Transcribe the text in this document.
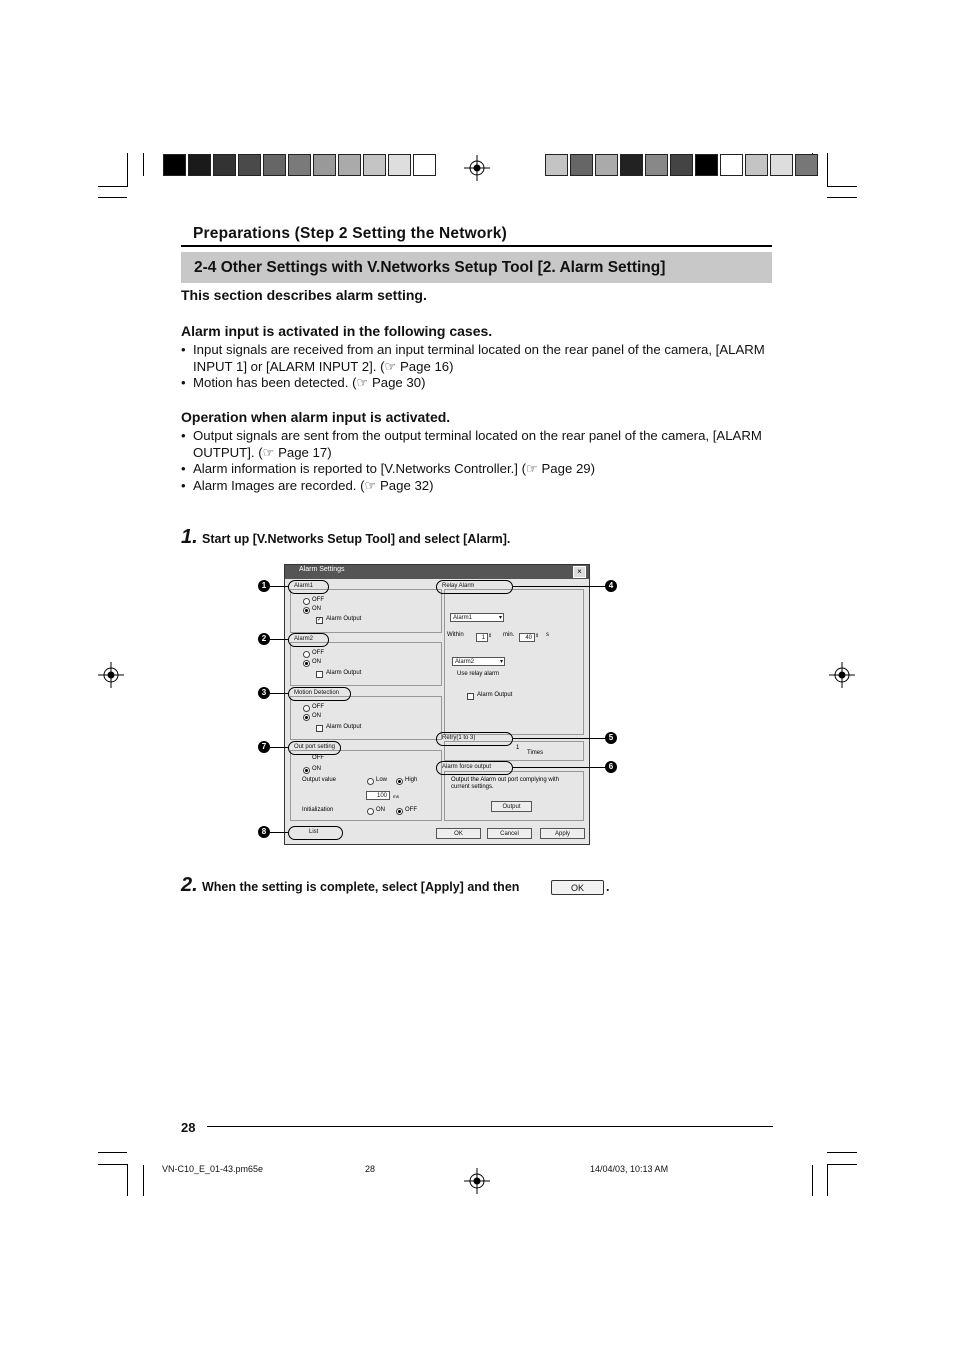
Preparations (Step 2 Setting the Network)
2-4 Other Settings with V.Networks Setup Tool [2. Alarm Setting]
This section describes alarm setting.
Alarm input is activated in the following cases.
• Input signals are received from an input terminal located on the rear panel of the camera, [ALARM INPUT 1] or [ALARM INPUT 2]. (☞ Page 16)
• Motion has been detected. (☞ Page 30)
Operation when alarm input is activated.
• Output signals are sent from the output terminal located on the rear panel of the camera, [ALARM OUTPUT]. (☞ Page 17)
• Alarm information is reported to [V.Networks Controller.] (☞ Page 29)
• Alarm Images are recorded. (☞ Page 32)
1. Start up [V.Networks Setup Tool] and select [Alarm].
Alarm Settings	×
OFF
ON
✓ Alarm Output
OFF
ON
Alarm Output
OFF
ON
Alarm Output
OFF
ON
Output value	Low	High
100	ms
Initialization	ON	OFF
Alarm1 ▾
Within	1 ⇕ min.	40 ⇕ s
Alarm2 ▾
Use relay alarm
Alarm Output
1
Times
Output the Alarm out port complying with current settings.
Output
OK	Cancel	Apply
Alarm1
Alarm2
Motion Detection
Out port setting
List
Relay Alarm
Retry(1 to 3)
Alarm force output
1
2
3
7
8
4
5
6
2. When the setting is complete, select [Apply] and then	OK	.
28
VN-C10_E_01-43.pm65e	28	14/04/03, 10:13 AM
